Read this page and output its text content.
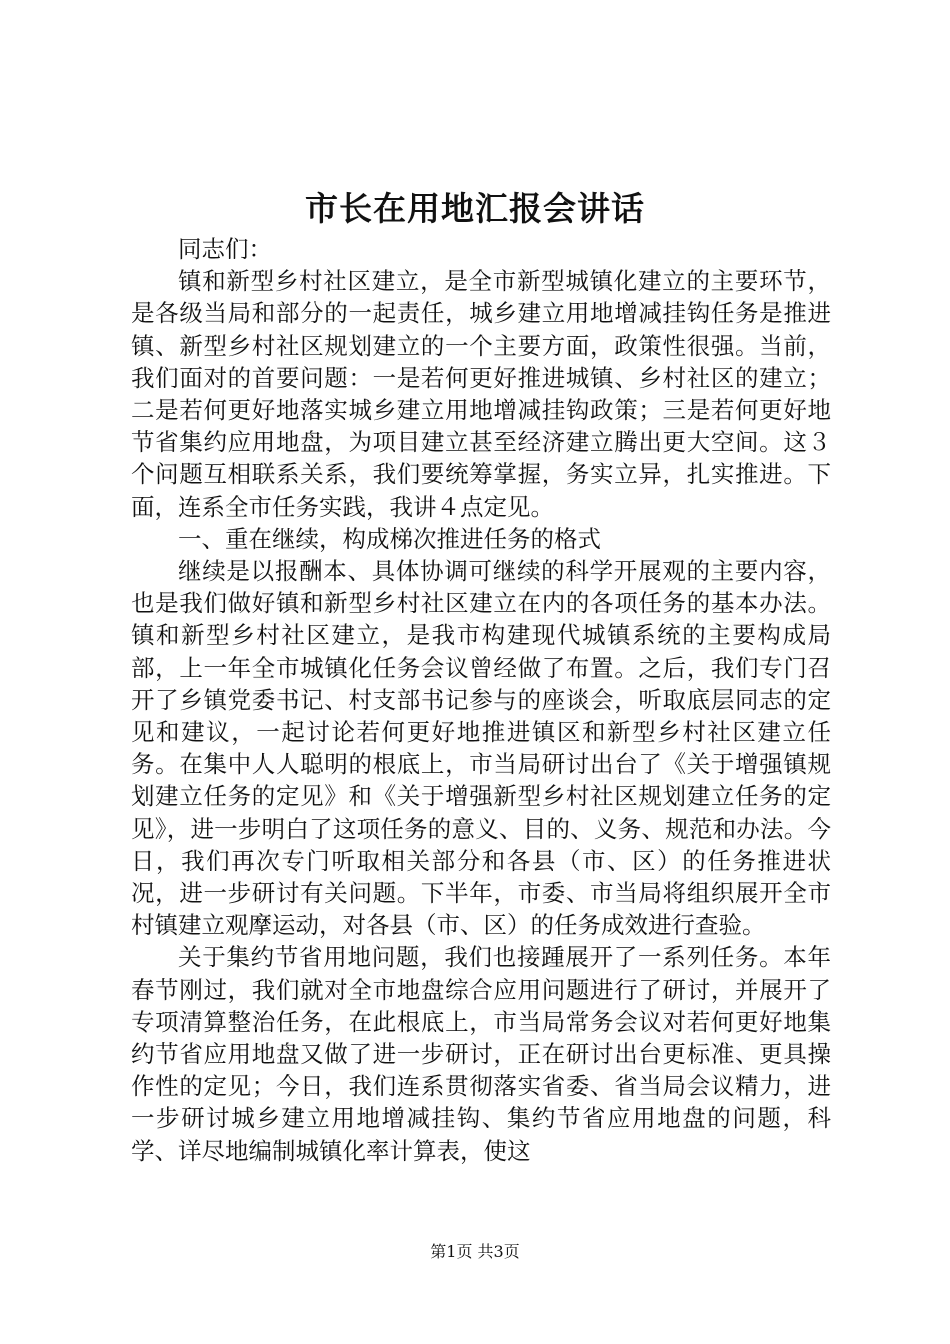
市长在用地汇报会讲话

同志们：

镇和新型乡村社区建立，是全市新型城镇化建立的主要环节，是各级当局和部分的一起责任，城乡建立用地增减挂钩任务是推进镇、新型乡村社区规划建立的一个主要方面，政策性很强。当前，我们面对的首要问题：一是若何更好推进城镇、乡村社区的建立；二是若何更好地落实城乡建立用地增减挂钩政策；三是若何更好地节省集约应用地盘，为项目建立甚至经济建立腾出更大空间。这３个问题互相联系关系，我们要统筹掌握，务实立异，扎实推进。下面，连系全市任务实践，我讲４点定见。

一、重在继续，构成梯次推进任务的格式

继续是以报酬本、具体协调可继续的科学开展观的主要内容，也是我们做好镇和新型乡村社区建立在内的各项任务的基本办法。镇和新型乡村社区建立，是我市构建现代城镇系统的主要构成局部，上一年全市城镇化任务会议曾经做了布置。之后，我们专门召开了乡镇党委书记、村支部书记参与的座谈会，听取底层同志的定见和建议，一起讨论若何更好地推进镇区和新型乡村社区建立任务。在集中人人聪明的根底上，市当局研讨出台了《关于增强镇规划建立任务的定见》和《关于增强新型乡村社区规划建立任务的定见》，进一步明白了这项任务的意义、目的、义务、规范和办法。今日，我们再次专门听取相关部分和各县（市、区）的任务推进状况，进一步研讨有关问题。下半年，市委、市当局将组织展开全市村镇建立观摩运动，对各县（市、区）的任务成效进行查验。

关于集约节省用地问题，我们也接踵展开了一系列任务。本年春节刚过，我们就对全市地盘综合应用问题进行了研讨，并展开了专项清算整治任务，在此根底上，市当局常务会议对若何更好地集约节省应用地盘又做了进一步研讨，正在研讨出台更标准、更具操作性的定见；今日，我们连系贯彻落实省委、省当局会议精力，进一步研讨城乡建立用地增减挂钩、集约节省应用地盘的问题，科学、详尽地编制城镇化率计算表，使这

第1页 共3页
